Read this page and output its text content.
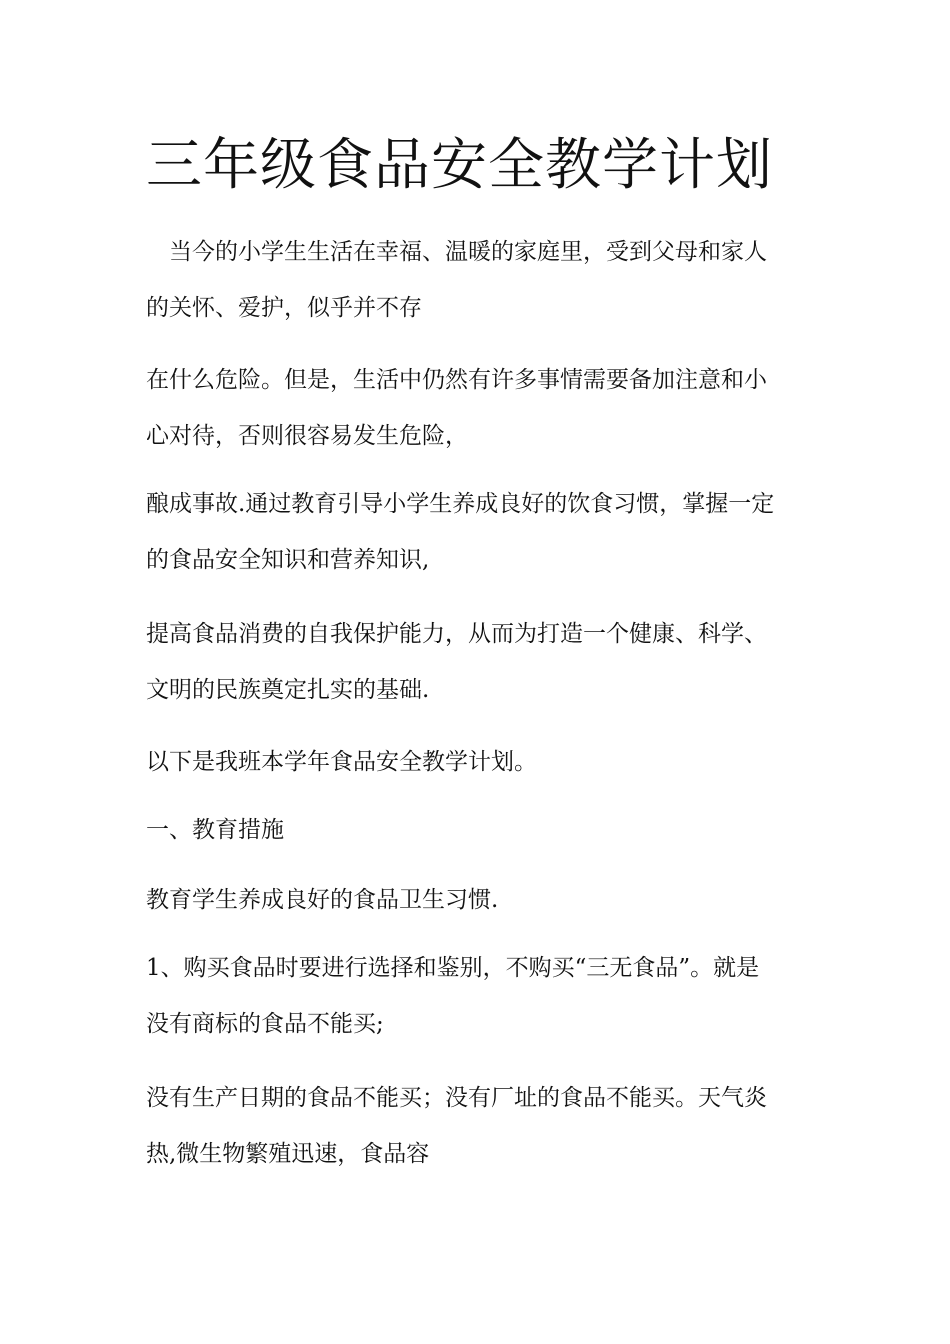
三年级食品安全教学计划

　当今的小学生生活在幸福、温暖的家庭里，受到父母和家人
的关怀、爱护，似乎并不存

在什么危险。但是，生活中仍然有许多事情需要备加注意和小
心对待，否则很容易发生危险，

酿成事故.通过教育引导小学生养成良好的饮食习惯，掌握一定
的食品安全知识和营养知识,

提高食品消费的自我保护能力，从而为打造一个健康、科学、
文明的民族奠定扎实的基础.

以下是我班本学年食品安全教学计划。

一、教育措施

教育学生养成良好的食品卫生习惯.

1、购买食品时要进行选择和鉴别，不购买“三无食品”。就是
没有商标的食品不能买;

没有生产日期的食品不能买；没有厂址的食品不能买。天气炎
热,微生物繁殖迅速，食品容
